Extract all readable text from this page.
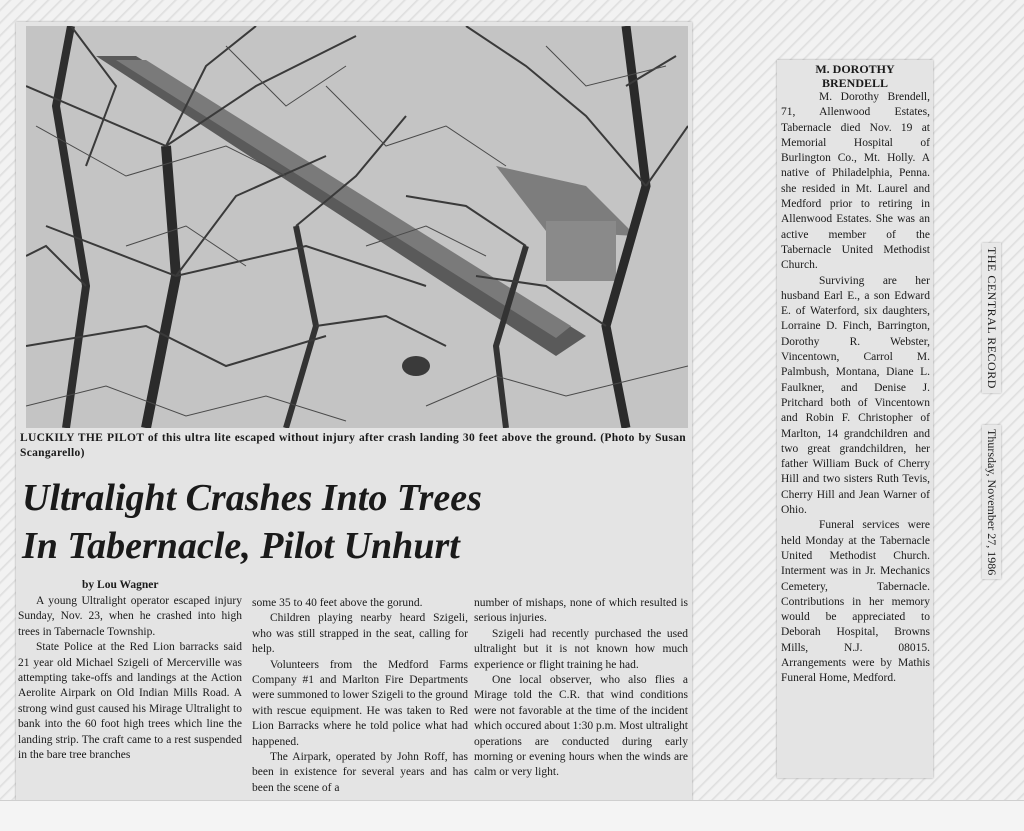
LUCKILY THE PILOT of this ultra lite escaped without injury after crash landing 30 feet above the ground. (Photo by Susan Scangarello)
Ultralight Crashes Into Trees
In Tabernacle, Pilot Unhurt
by Lou Wagner

A young Ultralight operator escaped injury Sunday, Nov. 23, when he crashed into high trees in Tabernacle Township.

State Police at the Red Lion barracks said 21 year old Michael Szigeli of Mercerville was attempting take-offs and landings at the Action Aerolite Airpark on Old Indian Mills Road. A strong wind gust caused his Mirage Ultralight to bank into the 60 foot high trees which line the landing strip. The craft came to a rest suspended in the bare tree branches

some 35 to 40 feet above the gorund.

Children playing nearby heard Szigeli, who was still strapped in the seat, calling for help.

Volunteers from the Medford Farms Company #1 and Marlton Fire Departments were summoned to lower Szigeli to the ground with rescue equipment. He was taken to Red Lion Barracks where he told police what had happened.

The Airpark, operated by John Roff, has been in existence for several years and has been the scene of a

number of mishaps, none of which resulted is serious injuries.

Szigeli had recently purchased the used ultralight but it is not known how much experience or flight training he had.

One local observer, who also flies a Mirage told the C.R. that wind conditions were not favorable at the time of the incident which occured about 1:30 p.m. Most ultralight operations are conducted during early morning or evening hours when the winds are calm or very light.

M. DOROTHY
BRENDELL

M. Dorothy Brendell, 71, Allenwood Estates, Tabernacle died Nov. 19 at Memorial Hospital of Burlington Co., Mt. Holly. A native of Philadelphia, Penna. she resided in Mt. Laurel and Medford prior to retiring in Allenwood Estates. She was an active member of the Tabernacle United Methodist Church.

Surviving are her husband Earl E., a son Edward E. of Waterford, six daughters, Lorraine D. Finch, Barrington, Dorothy R. Webster, Vincentown, Carrol M. Palmbush, Montana, Diane L. Faulkner, and Denise J. Pritchard both of Vincentown and Robin F. Christopher of Marlton, 14 grandchildren and two great grandchildren, her father William Buck of Cherry Hill and two sisters Ruth Tevis, Cherry Hill and Jean Warner of Ohio.

Funeral services were held Monday at the Tabernacle United Methodist Church. Interment was in Jr. Mechanics Cemetery, Tabernacle. Contributions in her memory would be appreciated to Deborah Hospital, Browns Mills, N.J. 08015. Arrangements were by Mathis Funeral Home, Medford.

THE CENTRAL RECORD
Thursday, November 27, 1986
